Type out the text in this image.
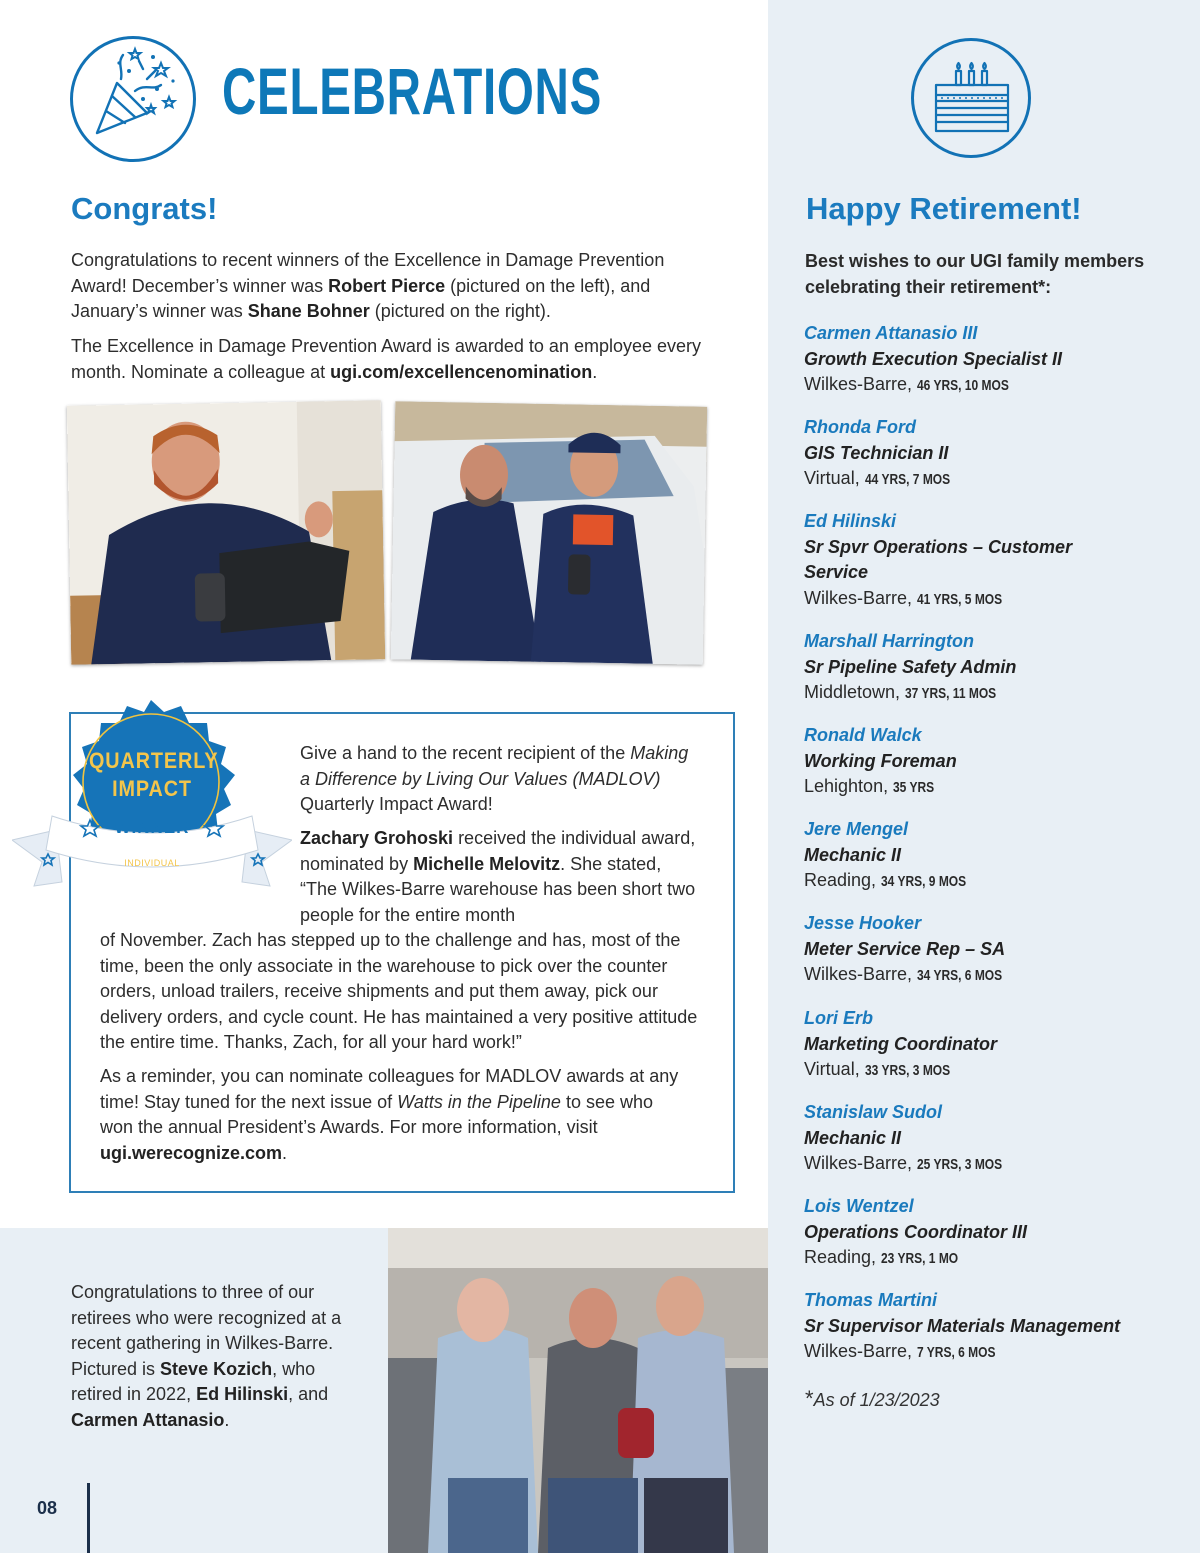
CELEBRATIONS
Congrats!
Congratulations to recent winners of the Excellence in Damage Prevention Award! December’s winner was Robert Pierce (pictured on the left), and January’s winner was Shane Bohner (pictured on the right).
The Excellence in Damage Prevention Award is awarded to an employee every month. Nominate a colleague at ugi.com/excellencenomination.
QUARTERLY
IMPACT
WINNER
INDIVIDUAL
Give a hand to the recent recipient of the Making a Difference by Living Our Values (MADLOV) Quarterly Impact Award!
Zachary Grohoski received the individual award, nominated by Michelle Melovitz. She stated, “The Wilkes-Barre warehouse has been short two people for the entire month
of November. Zach has stepped up to the challenge and has, most of the time, been the only associate in the warehouse to pick over the counter orders, unload trailers, receive shipments and put them away, pick our delivery orders, and cycle count. He has maintained a very positive attitude the entire time. Thanks, Zach, for all your hard work!”
As a reminder, you can nominate colleagues for MADLOV awards at any time! Stay tuned for the next issue of Watts in the Pipeline to see who won the annual President’s Awards. For more information, visit ugi.werecognize.com.
Congratulations to three of our retirees who were recognized at a recent gathering in Wilkes-Barre. Pictured is Steve Kozich, who retired in 2022, Ed Hilinski, and Carmen Attanasio.
Happy Retirement!
Best wishes to our UGI family members celebrating their retirement*:
Carmen Attanasio III
Growth Execution Specialist II
Wilkes-Barre, 46 YRS, 10 MOS
Rhonda Ford
GIS Technician II
Virtual, 44 YRS, 7 MOS
Ed Hilinski
Sr Spvr Operations – Customer Service
Wilkes-Barre, 41 YRS, 5 MOS
Marshall Harrington
Sr Pipeline Safety Admin
Middletown, 37 YRS, 11 MOS
Ronald Walck
Working Foreman
Lehighton, 35 YRS
Jere Mengel
Mechanic II
Reading, 34 YRS, 9 MOS
Jesse Hooker
Meter Service Rep – SA
Wilkes-Barre, 34 YRS, 6 MOS
Lori Erb
Marketing Coordinator
Virtual, 33 YRS, 3 MOS
Stanislaw Sudol
Mechanic II
Wilkes-Barre, 25 YRS, 3 MOS
Lois Wentzel
Operations Coordinator III
Reading, 23 YRS, 1 MO
Thomas Martini
Sr Supervisor Materials Management
Wilkes-Barre, 7 YRS, 6 MOS
*As of 1/23/2023
08
